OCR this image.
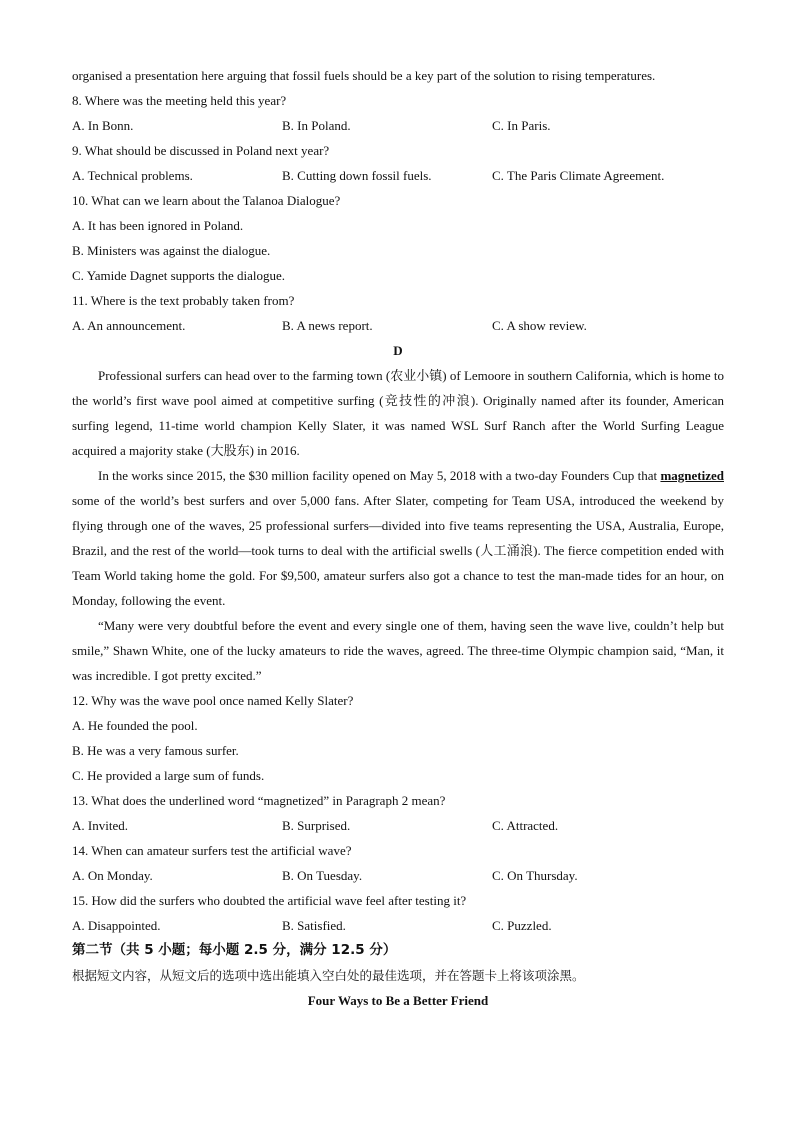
organised a presentation here arguing that fossil fuels should be a key part of the solution to rising temperatures.
8. Where was the meeting held this year?
A. In Bonn.	B. In Poland.	C. In Paris.
9. What should be discussed in Poland next year?
A. Technical problems.	B. Cutting down fossil fuels.	C. The Paris Climate Agreement.
10. What can we learn about the Talanoa Dialogue?
A. It has been ignored in Poland.
B. Ministers was against the dialogue.
C. Yamide Dagnet supports the dialogue.
11. Where is the text probably taken from?
A. An announcement.	B. A news report.	C. A show review.
D

Professional surfers can head over to the farming town (农业小镇) of Lemoore in southern California, which is home to the world’s first wave pool aimed at competitive surfing (竞技性的冲浪). Originally named after its founder, American surfing legend, 11-time world champion Kelly Slater, it was named WSL Surf Ranch after the World Surfing League acquired a majority stake (大股东) in 2016.

In the works since 2015, the $30 million facility opened on May 5, 2018 with a two-day Founders Cup that magnetized some of the world’s best surfers and over 5,000 fans. After Slater, competing for Team USA, introduced the weekend by flying through one of the waves, 25 professional surfers—divided into five teams representing the USA, Australia, Europe, Brazil, and the rest of the world—took turns to deal with the artificial swells (人工涌浪). The fierce competition ended with Team World taking home the gold. For $9,500, amateur surfers also got a chance to test the man-made tides for an hour, on Monday, following the event.

“Many were very doubtful before the event and every single one of them, having seen the wave live, couldn’t help but smile,” Shawn White, one of the lucky amateurs to ride the waves, agreed. The three-time Olympic champion said, “Man, it was incredible. I got pretty excited.”

12. Why was the wave pool once named Kelly Slater?
A. He founded the pool.
B. He was a very famous surfer.
C. He provided a large sum of funds.
13. What does the underlined word “magnetized” in Paragraph 2 mean?
A. Invited.	B. Surprised.	C. Attracted.
14. When can amateur surfers test the artificial wave?
A. On Monday.	B. On Tuesday.	C. On Thursday.
15. How did the surfers who doubted the artificial wave feel after testing it?
A. Disappointed.	B. Satisfied.	C. Puzzled.
第二节（共 5 小题；每小题 2.5 分，满分 12.5 分）
根据短文内容，从短文后的选项中选出能填入空白处的最佳选项，并在答题卡上将该项涂黑。
Four Ways to Be a Better Friend
